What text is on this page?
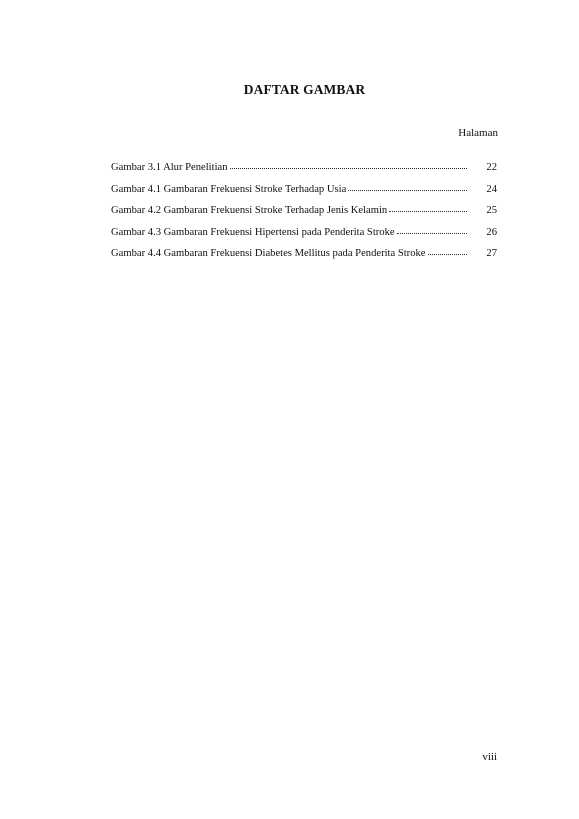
DAFTAR GAMBAR
Halaman
Gambar 3.1 Alur Penelitian	22
Gambar 4.1 Gambaran Frekuensi Stroke Terhadap Usia	24
Gambar 4.2 Gambaran Frekuensi Stroke Terhadap Jenis Kelamin	25
Gambar 4.3 Gambaran Frekuensi Hipertensi pada Penderita Stroke	26
Gambar 4.4 Gambaran Frekuensi Diabetes Mellitus pada Penderita Stroke	27
viii
